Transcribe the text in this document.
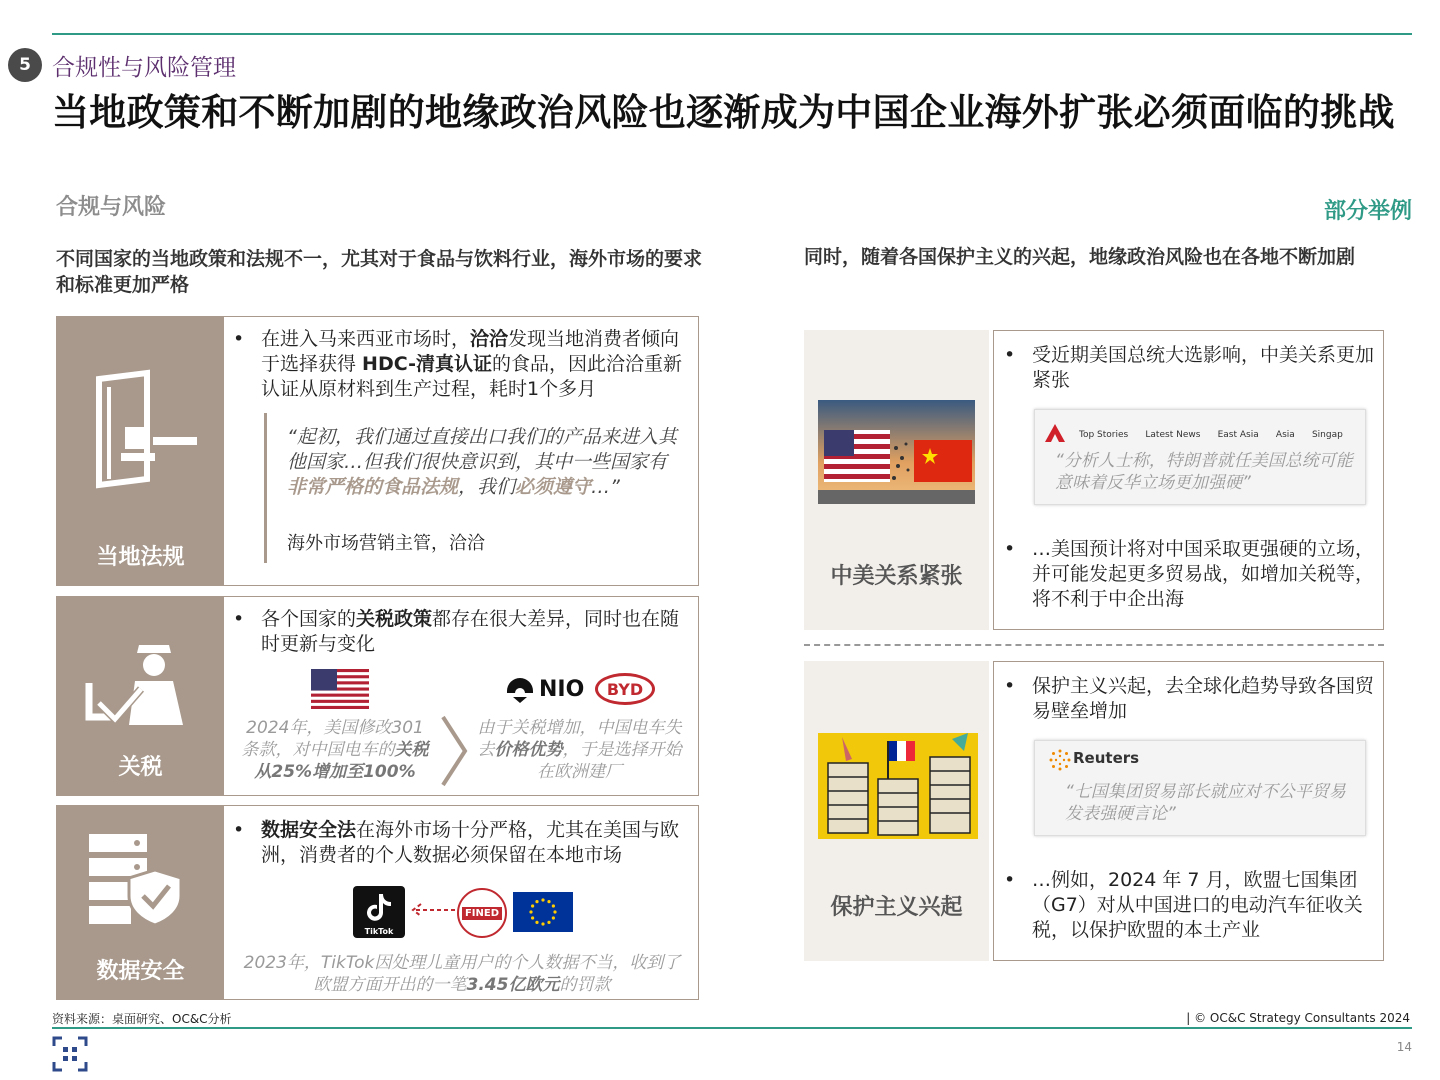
5 合规性与风险管理
当地政策和不断加剧的地缘政治风险也逐渐成为中国企业海外扩张必须面临的挑战
合规与风险	部分举例
不同国家的当地政策和法规不一，尤其对于食品与饮料行业，海外市场的要求和标准更加严格
当地法规
• 在进入马来西亚市场时，洽洽发现当地消费者倾向于选择获得 HDC-清真认证的食品，因此洽洽重新认证从原材料到生产过程，耗时1个多月
“起初，我们通过直接出口我们的产品来进入其他国家…但我们很快意识到，其中一些国家有非常严格的食品法规，我们必须遵守…”
海外市场营销主管，洽洽
关税
• 各个国家的关税政策都存在很大差异，同时也在随时更新与变化
NIO	BYD
2024年，美国修改301条款，对中国电车的关税从25%增加至100%
由于关税增加，中国电车失去价格优势，于是选择开始在欧洲建厂
数据安全
• 数据安全法在海外市场十分严格，尤其在美国与欧洲，消费者的个人数据必须保留在本地市场
TikTok
FINED
2023年，TikTok因处理儿童用户的个人数据不当，收到了欧盟方面开出的一笔3.45亿欧元的罚款
同时，随着各国保护主义的兴起，地缘政治风险也在各地不断加剧
中美关系紧张
• 受近期美国总统大选影响，中美关系更加紧张
Top Stories Latest News East Asia Asia Singap
“分析人士称，特朗普就任美国总统可能意味着反华立场更加强硬”
• …美国预计将对中国采取更强硬的立场，并可能发起更多贸易战，如增加关税等，将不利于中企出海
保护主义兴起
• 保护主义兴起，去全球化趋势导致各国贸易壁垒增加
Reuters
“七国集团贸易部长就应对不公平贸易发表强硬言论”
• …例如，2024 年 7 月，欧盟七国集团（G7）对从中国进口的电动汽车征收关税，以保护欧盟的本土产业
资料来源：桌面研究、OC&C分析	| © OC&C Strategy Consultants 2024
14
